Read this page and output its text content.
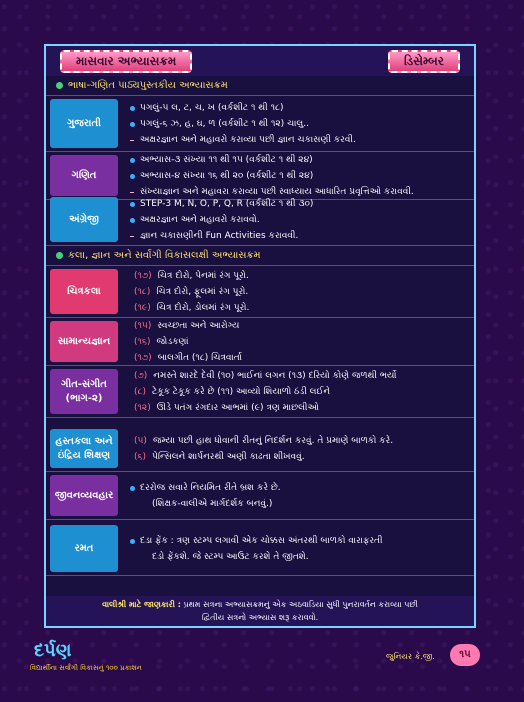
માસવાર અભ્યાસક્રમ	ડિસેમ્બર
ભાષા-ગણિત પાઠ્યપુસ્તકીય અભ્યાસક્રમ
કલા, જ્ઞાન અને સર્વાંગી વિકાસલક્ષી અભ્યાસક્રમ
ગુજરાતી
પગલું-૫ લ, ટ, ચ, ખ (વર્કશીટ ૧ થી ૧૮)
પગલું-૬ ઝ, હ, ઘ, ળ (વર્કશીટ ૧ થી ૧૨) ચાલુ..
અક્ષરજ્ઞાન અને મહાવરો કરાવ્યા પછી જ્ઞાન ચકાસણી કરવી.
ગણિત
અભ્યાસ-૩ સંખ્યા ૧૧ થી ૧૫ (વર્કશીટ ૧ થી ૨૪)
અભ્યાસ-૪ સંખ્યા ૧૬ થી ૨૦ (વર્કશીટ ૧ થી ૨૪)
સંખ્યાજ્ઞાન અને મહાવરા કરાવ્યા પછી સ્વાધ્યાય આધારિત પ્રવૃત્તિઓ કરાવવી.
અંગ્રેજી
STEP-3 M, N, O, P, Q, R (વર્કશીટ ૧ થી ૩૦)
અક્ષરજ્ઞાન અને મહાવરો કરાવવો.
જ્ઞાન ચકાસણીની Fun Activities કરાવવી.
ચિત્રકલા
(૧૭) ચિત્ર દોરો, પેનમાં રંગ પૂરો.
(૧૮) ચિત્ર દોરો, ફૂલમાં રંગ પૂરો.
(૧૯) ચિત્ર દોરો, ડોલમાં રંગ પૂરો.
સામાન્યજ્ઞાન
(૧૫) સ્વચ્છતા અને આરોગ્ય
(૧૬) જોડકણાં
(૧૭) બાલગીત (૧૮) ચિત્રવાર્તા
ગીત-સંગીત (ભાગ-૨)
(૭) નમસ્તે શારદે દેવી (૧૦) ભાઈનાં લગન (૧૩) દરિયો કોણે જળથી ભર્યો
(૮) ટેકૂક ટેકૂક કરે છે (૧૧) આવ્યો શિયાળો ઠંડી લઈને
(૧૨) ઊડે પતંગ રંગદાર આભમાં (૯) ત્રણ માછલીઓ
હસ્તકલા અને ઇંદ્રિય શિક્ષણ
(૫) જમ્યા પછી હાથ ધોવાની રીતનું નિદર્શન કરવું. તે પ્રમાણે બાળકો કરે.
(૬) પેન્સિલને શાર્પનરથી અણી કાઢતા શીખવવું.
જીવનવ્યવહાર
દરરોજ સવારે નિયમિત રીતે બ્રશ કરે છે.
(શિક્ષક-વાલીએ માર્ગદર્શક બનવું.)
રમત
દડા ફેંક : ત્રણ સ્ટમ્પ લગાવી એક ચોક્કસ અંતરથી બાળકો વારાફરતી
દડો ફેંકશે. જે સ્ટમ્પ આઉટ કરશે તે જીતશે.
વાલીશ્રી માટે જાણકારી : પ્રથમ સત્રના અભ્યાસક્રમનું એક અઠવાડિયા સુધી પુનરાવર્તન કરાવ્યા પછી
દ્વિતીય સત્રનો અભ્યાસ શરૂ કરાવવો.
દર્પણ
વિદ્યાર્થીના સર્વાંગી વિકાસનું ૧૦૦ પ્રકાશન
જુનિયર કે.જી.	૧૫
